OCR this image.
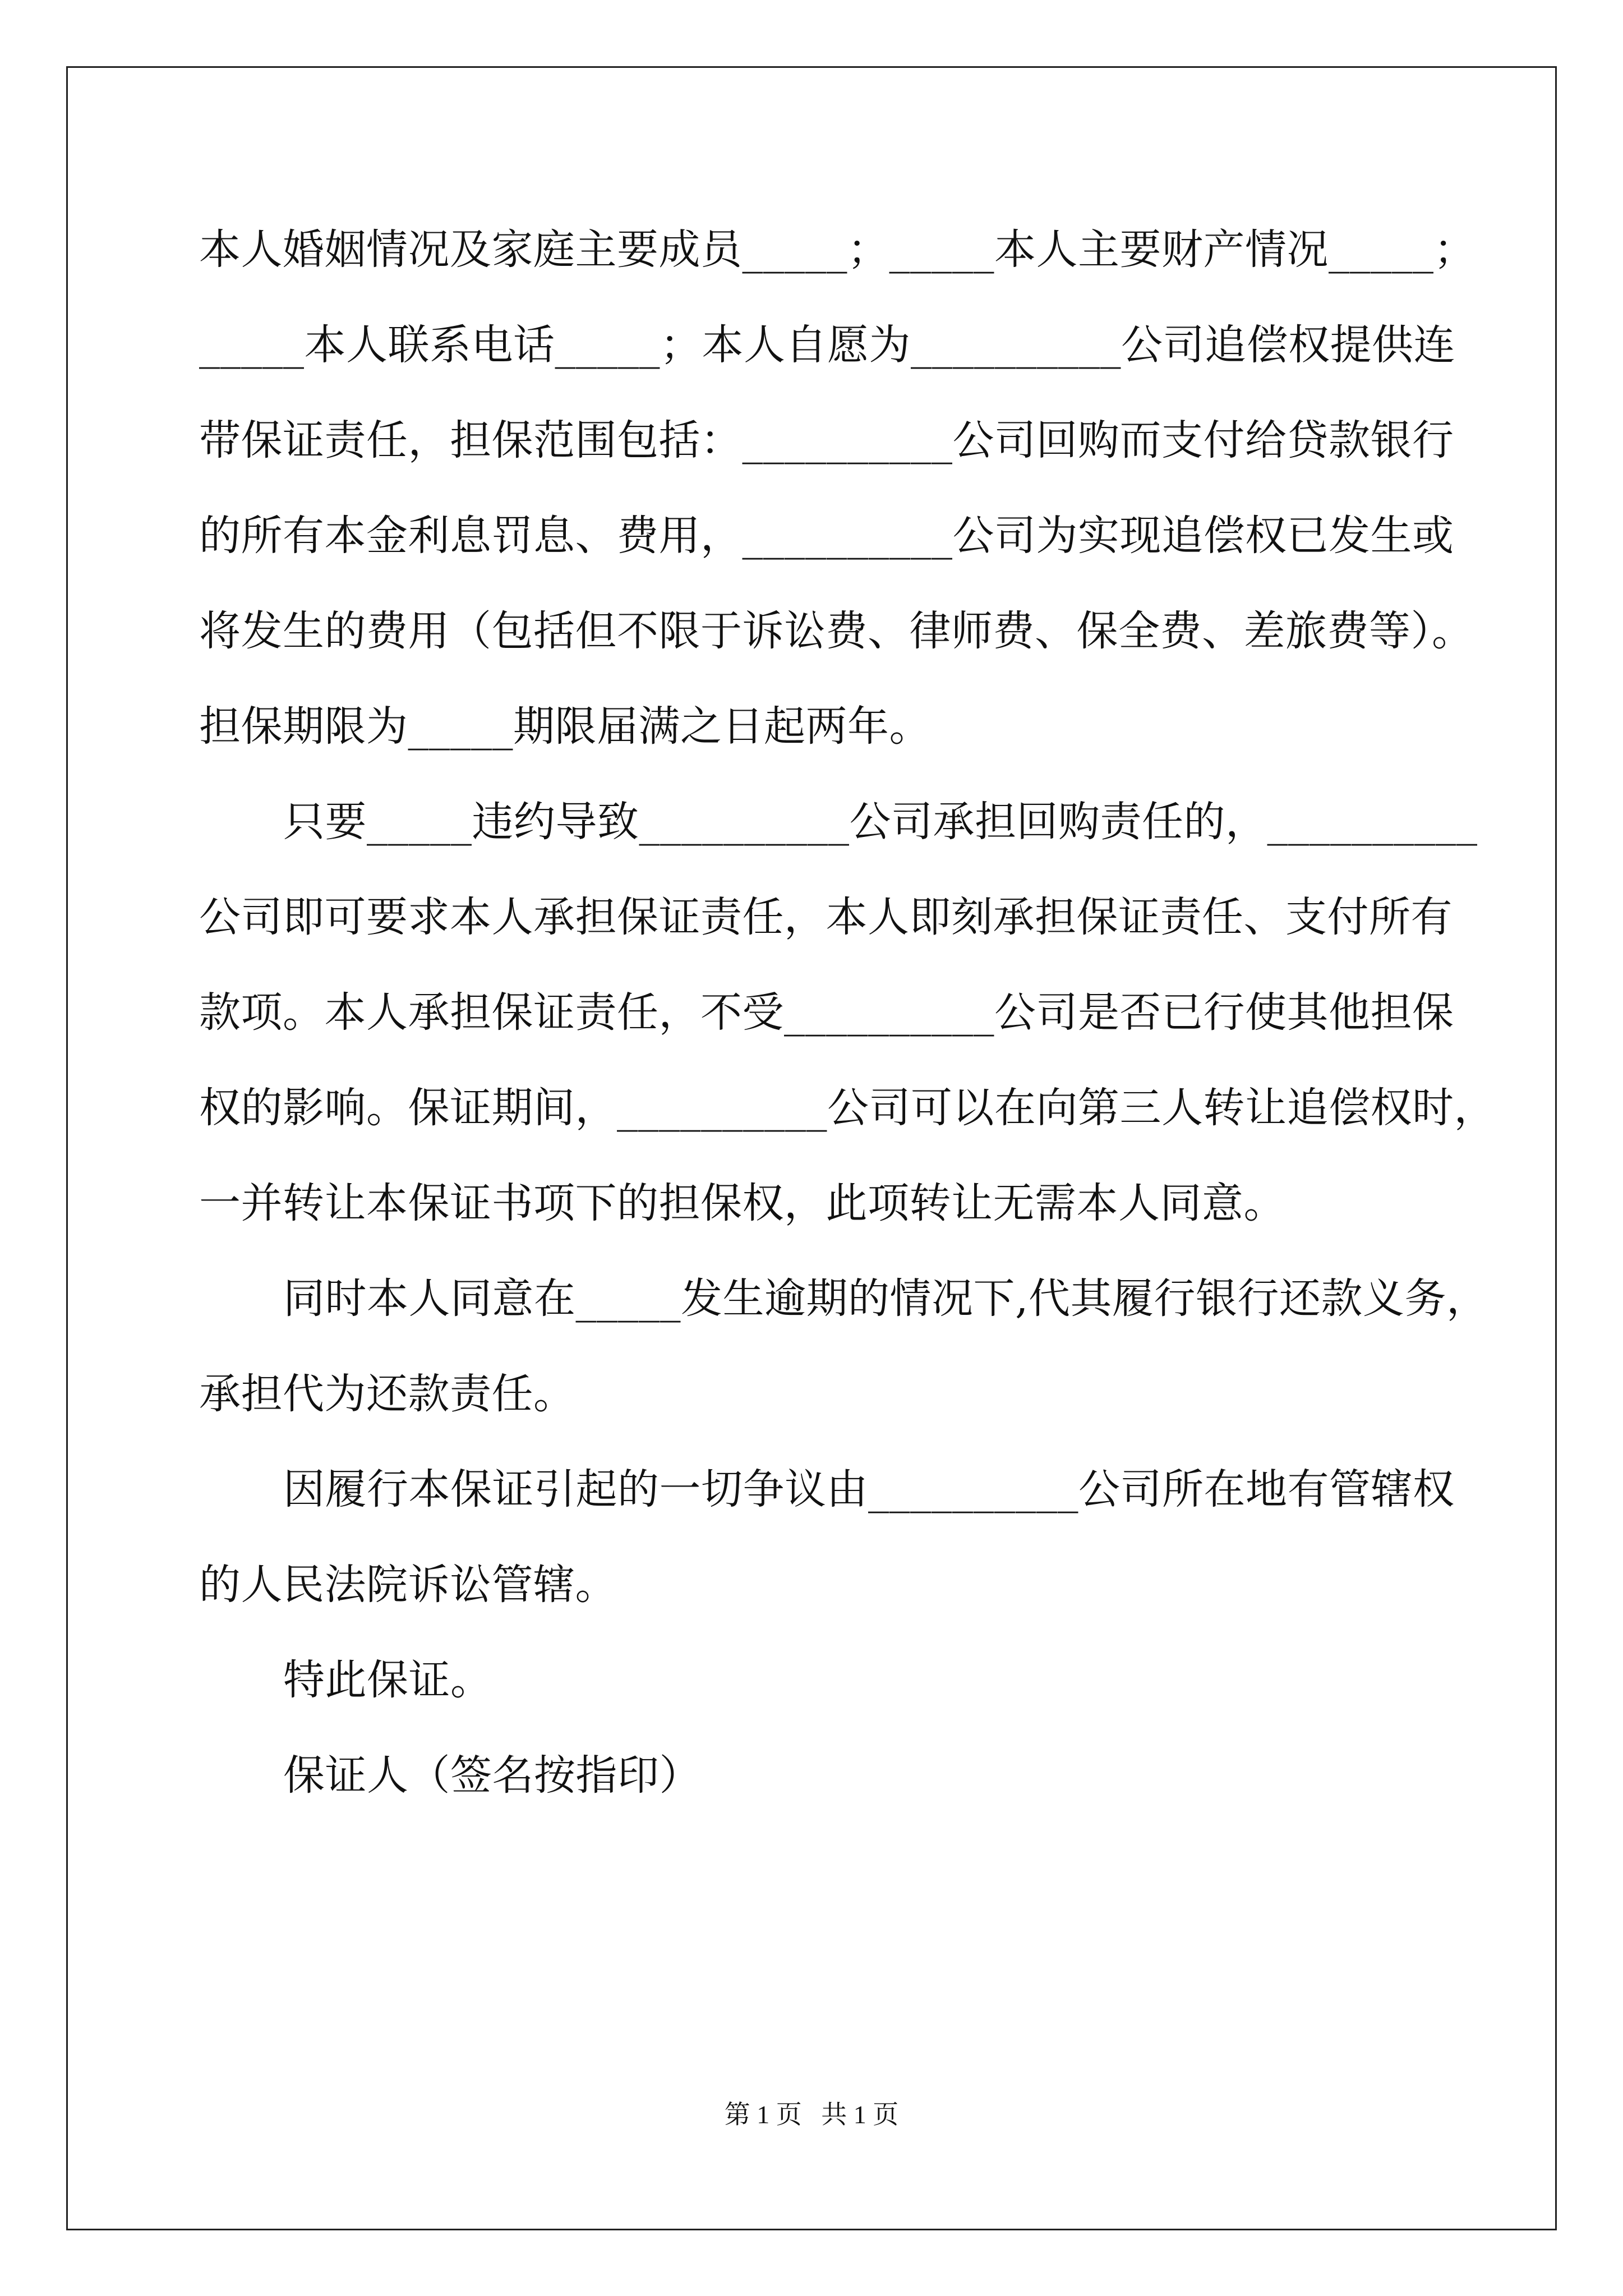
本人婚姻情况及家庭主要成员_____；_____本人主要财产情况_____；
_____本人联系电话_____；本人自愿为__________公司追偿权提供连
带保证责任，担保范围包括：__________公司回购而支付给贷款银行
的所有本金利息罚息、费用，__________公司为实现追偿权已发生或
将发生的费用（包括但不限于诉讼费、律师费、保全费、差旅费等）。
担保期限为_____期限届满之日起两年。
只要_____违约导致__________公司承担回购责任的，__________
公司即可要求本人承担保证责任，本人即刻承担保证责任、支付所有
款项。本人承担保证责任，不受__________公司是否已行使其他担保
权的影响。保证期间，__________公司可以在向第三人转让追偿权时，
一并转让本保证书项下的担保权，此项转让无需本人同意。
同时本人同意在_____发生逾期的情况下,代其履行银行还款义务，
承担代为还款责任。
因履行本保证引起的一切争议由__________公司所在地有管辖权
的人民法院诉讼管辖。
特此保证。
保证人（签名按指印）
第 1 页   共 1 页
